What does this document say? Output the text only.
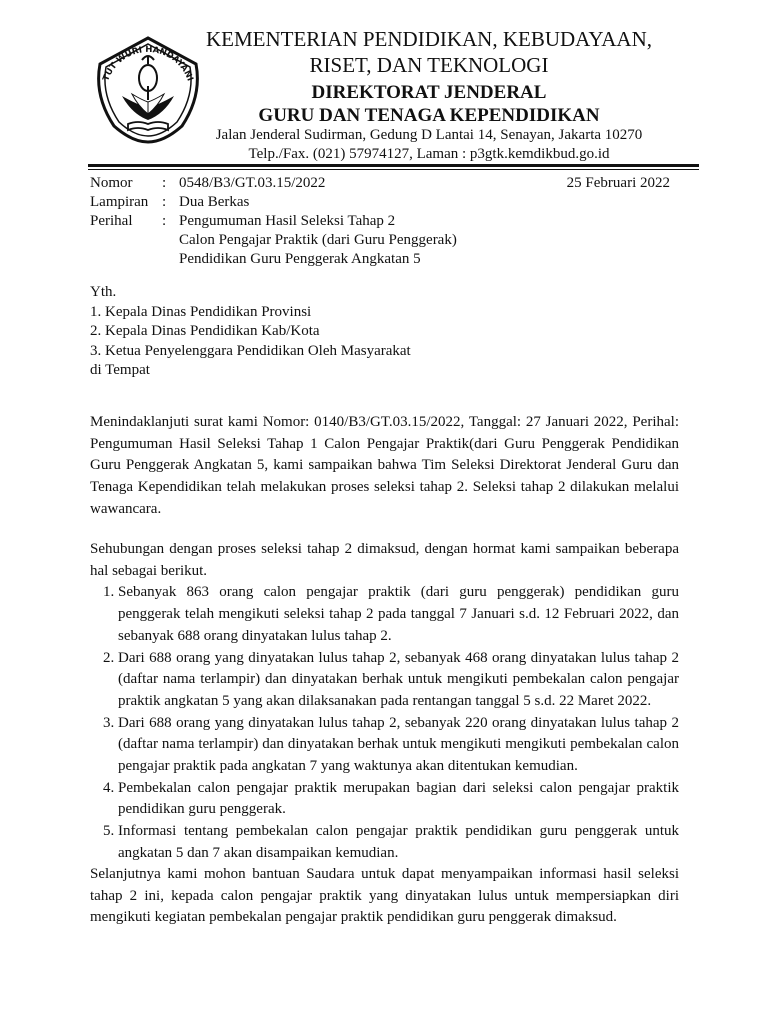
TUT WURI HANDAYANI
KEMENTERIAN PENDIDIKAN, KEBUDAYAAN,
RISET, DAN TEKNOLOGI
DIREKTORAT JENDERAL
GURU DAN TENAGA KEPENDIDIKAN
Jalan Jenderal Sudirman, Gedung D Lantai 14, Senayan, Jakarta 10270
Telp./Fax. (021) 57974127, Laman : p3gtk.kemdikbud.go.id
Nomor	: 0548/B3/GT.03.15/2022
Lampiran : Dua Berkas
Perihal	: Pengumuman Hasil Seleksi Tahap 2
Calon Pengajar Praktik (dari Guru Penggerak)
Pendidikan Guru Penggerak Angkatan 5
25 Februari 2022
Yth.
1. Kepala Dinas Pendidikan Provinsi
2. Kepala Dinas Pendidikan Kab/Kota
3. Ketua Penyelenggara Pendidikan Oleh Masyarakat
di Tempat
Menindaklanjuti surat kami Nomor: 0140/B3/GT.03.15/2022, Tanggal: 27 Januari 2022, Perihal: Pengumuman Hasil Seleksi Tahap 1 Calon Pengajar Praktik(dari Guru Penggerak Pendidikan Guru Penggerak Angkatan 5, kami sampaikan bahwa Tim Seleksi Direktorat Jenderal Guru dan Tenaga Kependidikan telah melakukan proses seleksi tahap 2. Seleksi tahap 2 dilakukan melalui wawancara.
Sehubungan dengan proses seleksi tahap 2 dimaksud, dengan hormat kami sampaikan beberapa hal sebagai berikut.
1. Sebanyak 863 orang calon pengajar praktik (dari guru penggerak) pendidikan guru penggerak telah mengikuti seleksi tahap 2 pada tanggal 7 Januari s.d. 12 Februari 2022, dan sebanyak 688 orang dinyatakan lulus tahap 2.
2. Dari 688 orang yang dinyatakan lulus tahap 2, sebanyak 468 orang dinyatakan lulus tahap 2 (daftar nama terlampir) dan dinyatakan berhak untuk mengikuti pembekalan calon pengajar praktik angkatan 5 yang akan dilaksanakan pada rentangan tanggal 5 s.d. 22 Maret 2022.
3. Dari 688 orang yang dinyatakan lulus tahap 2, sebanyak 220 orang dinyatakan lulus tahap 2 (daftar nama terlampir) dan dinyatakan berhak untuk mengikuti mengikuti pembekalan calon pengajar praktik pada angkatan 7 yang waktunya akan ditentukan kemudian.
4. Pembekalan calon pengajar praktik merupakan bagian dari seleksi calon pengajar praktik pendidikan guru penggerak.
5. Informasi tentang pembekalan calon pengajar praktik pendidikan guru penggerak untuk angkatan 5 dan 7 akan disampaikan kemudian.
Selanjutnya kami mohon bantuan Saudara untuk dapat menyampaikan informasi hasil seleksi tahap 2 ini, kepada calon pengajar praktik yang dinyatakan lulus untuk mempersiapkan diri mengikuti kegiatan pembekalan pengajar praktik pendidikan guru penggerak dimaksud.
